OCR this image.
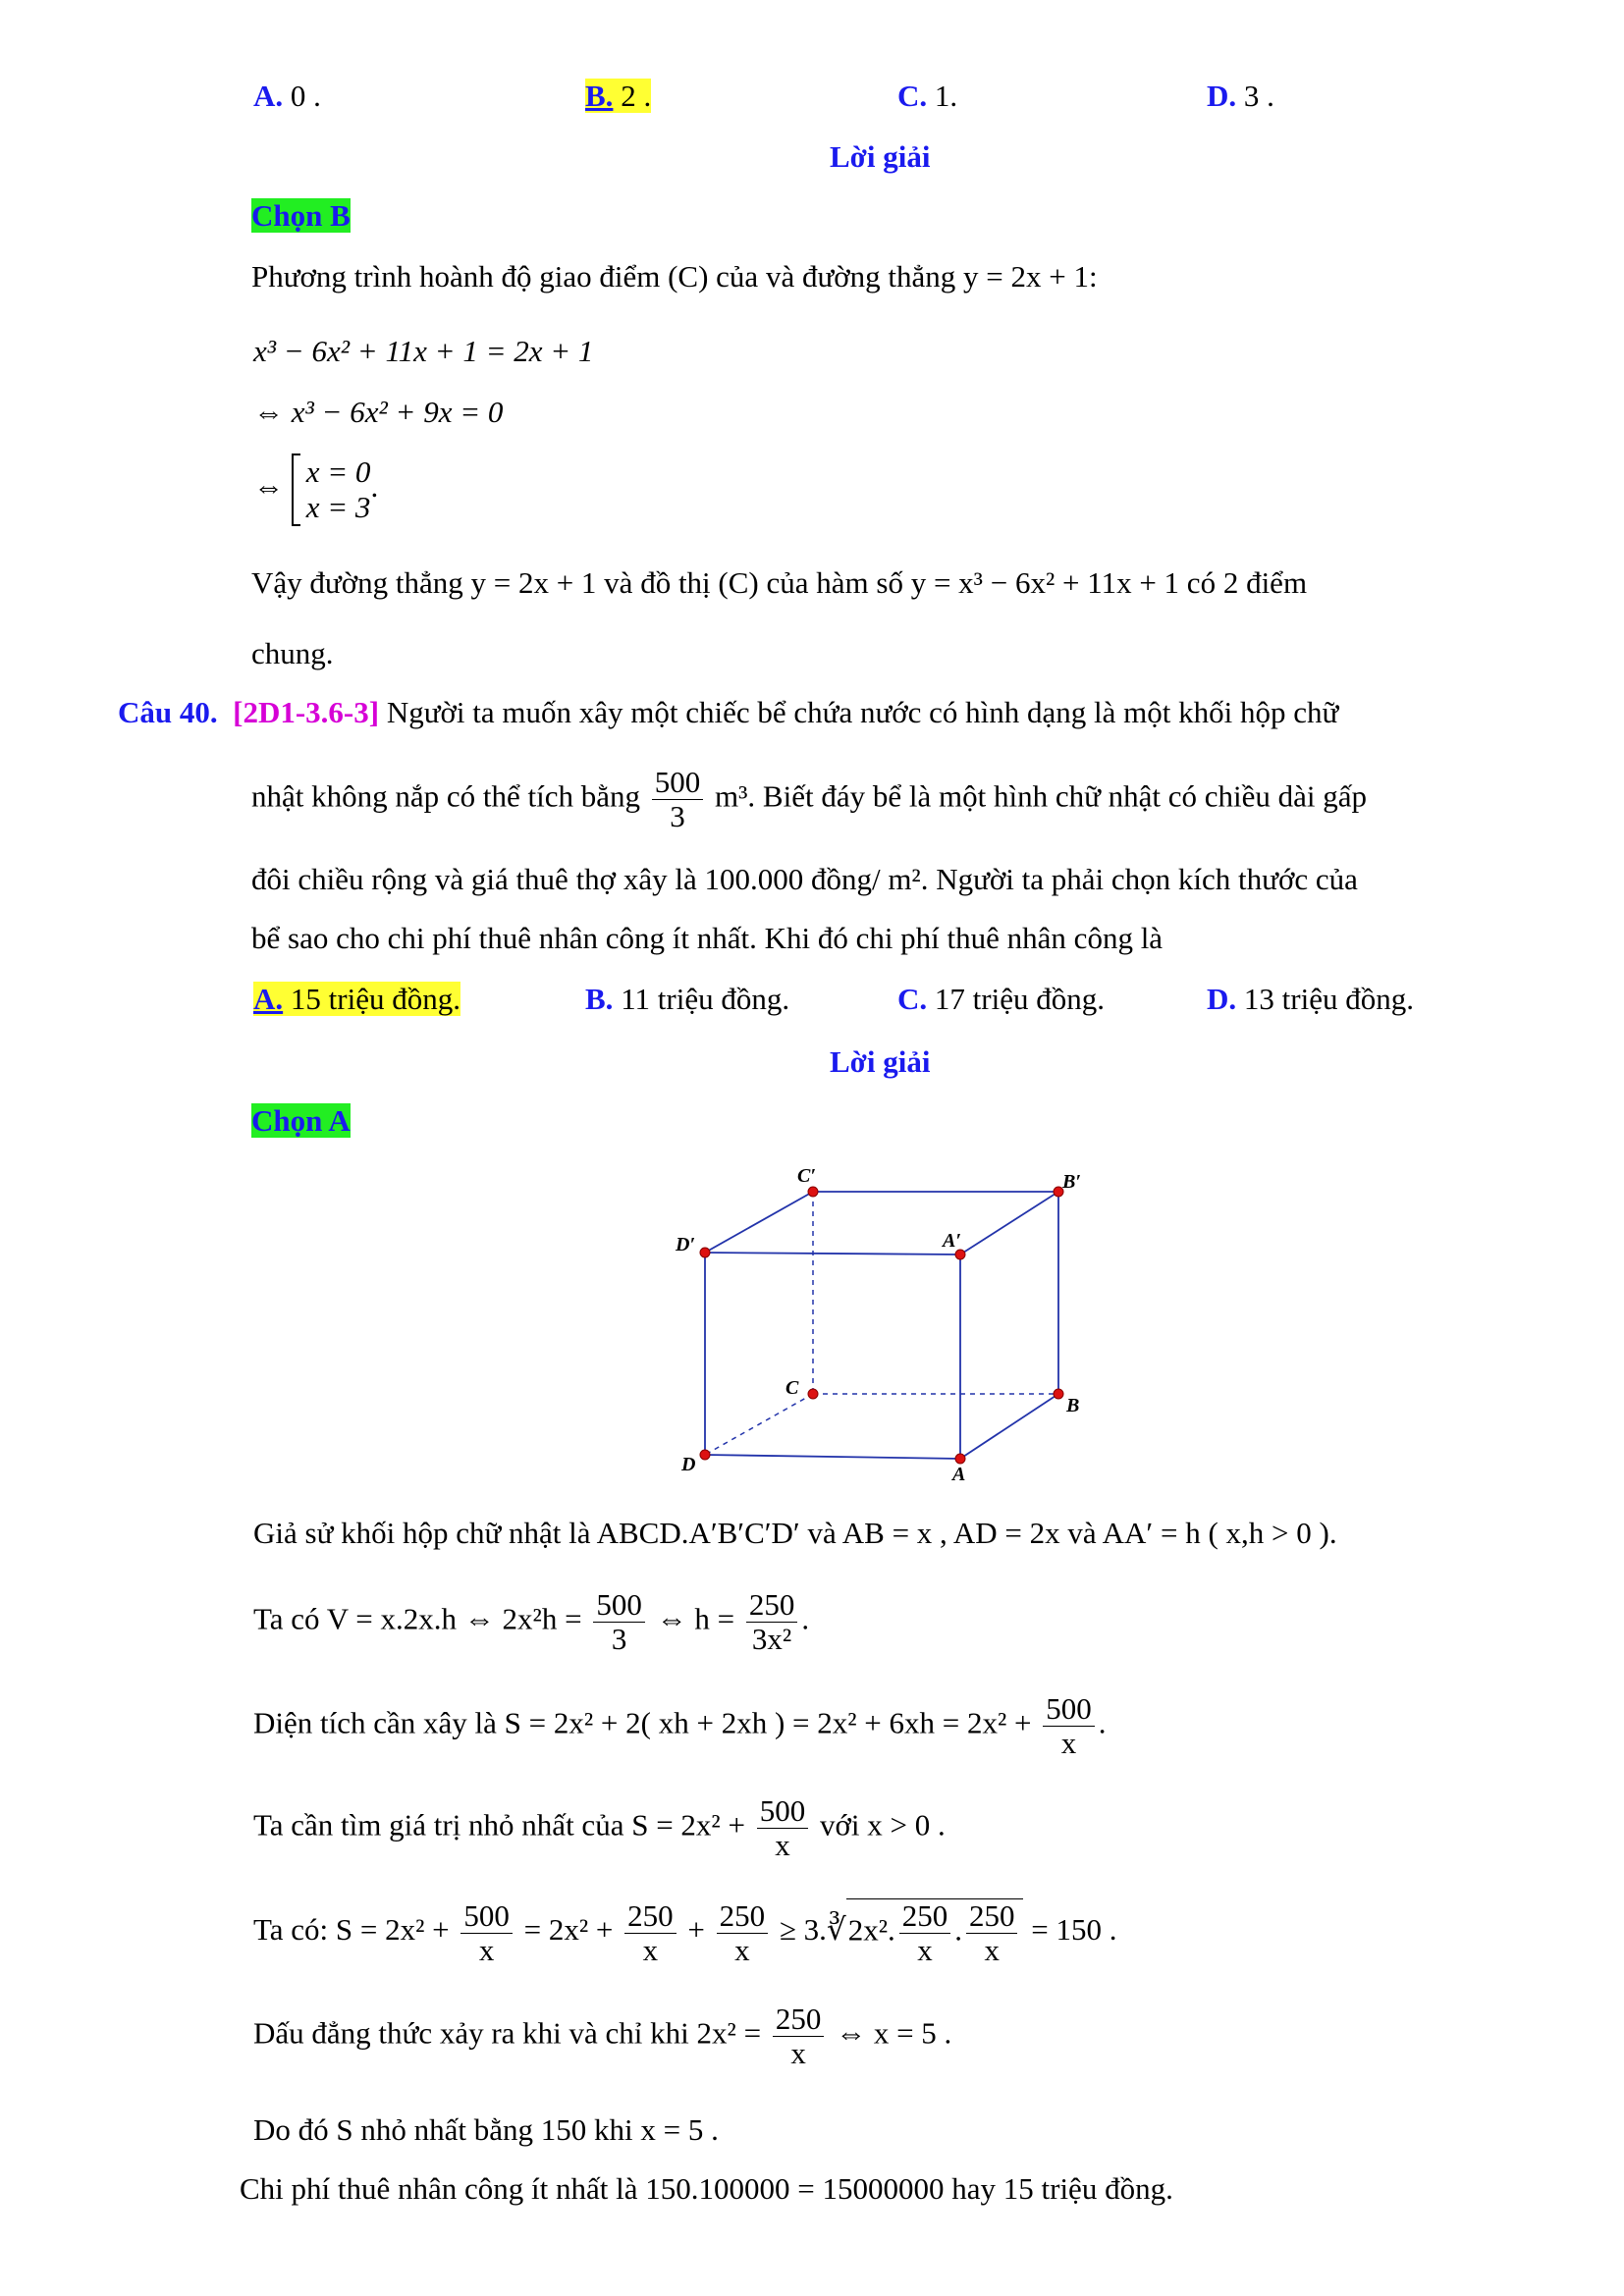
A. 0 .	B. 2 .	C. 1.	D. 3 .
Lời giải
Chọn B
Phương trình hoành độ giao điểm (C) của và đường thẳng y = 2x + 1:
x³ − 6x² + 11x + 1 = 2x + 1
⇔ x³ − 6x² + 9x = 0
⇔ x = 0
x = 3
.
Vậy đường thẳng y = 2x + 1 và đồ thị (C) của hàm số y = x³ − 6x² + 11x + 1 có 2 điểm
chung.
Câu 40. [2D1-3.6-3] Người ta muốn xây một chiếc bể chứa nước có hình dạng là một khối hộp chữ
nhật không nắp có thể tích bằng $\frac{500}{3} m^3$. Biết đáy bể là một hình chữ nhật có chiều dài gấp
đôi chiều rộng và giá thuê thợ xây là 100.000 đồng/ m². Người ta phải chọn kích thước của
bể sao cho chi phí thuê nhân công ít nhất. Khi đó chi phí thuê nhân công là
A. 15 triệu đồng.	B. 11 triệu đồng.	C. 17 triệu đồng.	D. 13 triệu đồng.
Lời giải
Chọn A
C′	B′
D′	A′
C
B
D	A
Giả sử khối hộp chữ nhật là ABCD.A′B′C′D′ và AB = x , AD = 2x và AA′ = h ( x,h > 0 ).
Ta có V = x.2x.h ⇔ $2x^2h = \frac{500}{3}$ ⇔ $h = \frac{250}{\text{3x²}}$ .
Diện tích cần xây là S = 2x² + 2( xh + 2xh ) = $2x^2 + 6xh = 2x^2 + \frac{500}{x}$ .
Ta cần tìm giá trị nhỏ nhất của $S = 2x^2 + \frac{500}{x}$ với x > 0 .
Ta có: $S = 2x^2 + \frac{500}{x} = 2x^2 + \frac{250}{x} + \frac{250}{x}$ ≥ 3.∛2x². $\frac{250}{x}$ . $\frac{250}{x} = 150$ .
Dấu đẳng thức xảy ra khi và chỉ khi $2x^2 = \frac{250}{x}$ ⇔ x = 5 .
Do đó S nhỏ nhất bằng 150 khi x = 5 .
Chi phí thuê nhân công ít nhất là 150.100000 = 15000000 hay 15 triệu đồng.
